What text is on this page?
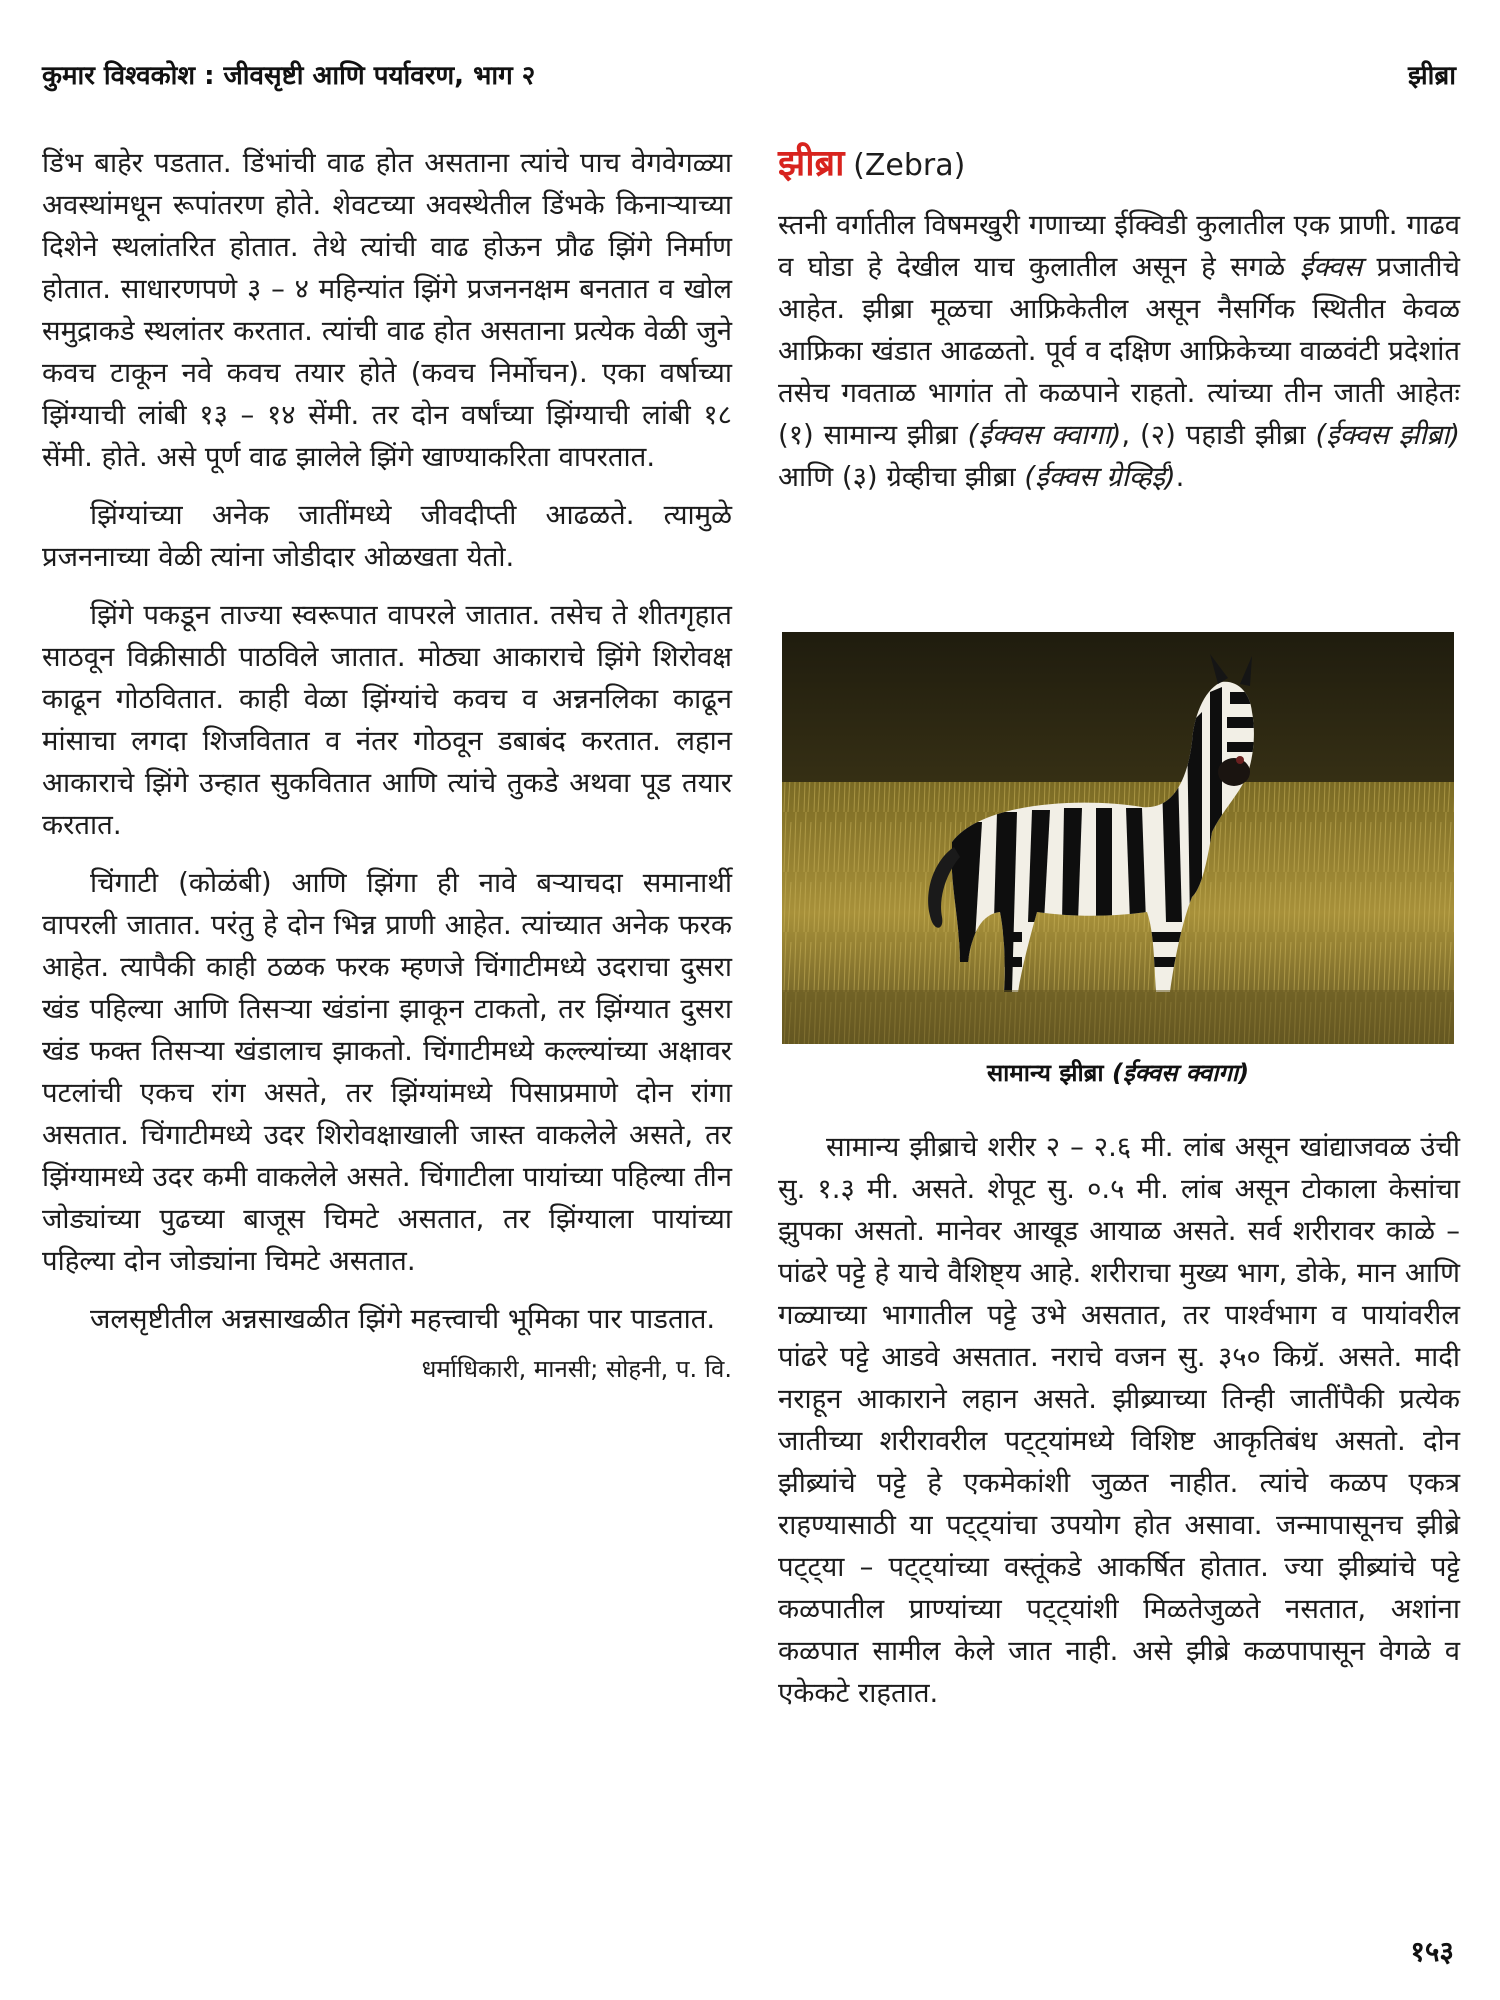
कुमार विश्वकोश : जीवसृष्टी आणि पर्यावरण, भाग २	झीब्रा

डिंभ बाहेर पडतात. डिंभांची वाढ होत असताना त्यांचे पाच वेगवेगळ्या अवस्थांमधून रूपांतरण होते. शेवटच्या अवस्थेतील डिंभके किनाऱ्याच्या दिशेने स्थलांतरित होतात. तेथे त्यांची वाढ होऊन प्रौढ झिंगे निर्माण होतात. साधारणपणे ३ – ४ महिन्यांत झिंगे प्रजननक्षम बनतात व खोल समुद्राकडे स्थलांतर करतात. त्यांची वाढ होत असताना प्रत्येक वेळी जुने कवच टाकून नवे कवच तयार होते (कवच निर्मोचन). एका वर्षाच्या झिंग्याची लांबी १३ – १४ सेंमी. तर दोन वर्षांच्या झिंग्याची लांबी १८ सेंमी. होते. असे पूर्ण वाढ झालेले झिंगे खाण्याकरिता वापरतात.

झिंग्यांच्या अनेक जातींमध्ये जीवदीप्ती आढळते. त्यामुळे प्रजननाच्या वेळी त्यांना जोडीदार ओळखता येतो.

झिंगे पकडून ताज्या स्वरूपात वापरले जातात. तसेच ते शीतगृहात साठवून विक्रीसाठी पाठविले जातात. मोठ्या आकाराचे झिंगे शिरोवक्ष काढून गोठवितात. काही वेळा झिंग्यांचे कवच व अन्ननलिका काढून मांसाचा लगदा शिजवितात व नंतर गोठवून डबाबंद करतात. लहान आकाराचे झिंगे उन्हात सुकवितात आणि त्यांचे तुकडे अथवा पूड तयार करतात.

चिंगाटी (कोळंबी) आणि झिंगा ही नावे बऱ्याचदा समानार्थी वापरली जातात. परंतु हे दोन भिन्न प्राणी आहेत. त्यांच्यात अनेक फरक आहेत. त्यापैकी काही ठळक फरक म्हणजे चिंगाटीमध्ये उदराचा दुसरा खंड पहिल्या आणि तिसऱ्या खंडांना झाकून टाकतो, तर झिंग्यात दुसरा खंड फक्त तिसऱ्या खंडालाच झाकतो. चिंगाटीमध्ये कल्ल्यांच्या अक्षावर पटलांची एकच रांग असते, तर झिंग्यांमध्ये पिसाप्रमाणे दोन रांगा असतात. चिंगाटीमध्ये उदर शिरोवक्षाखाली जास्त वाकलेले असते, तर झिंग्यामध्ये उदर कमी वाकलेले असते. चिंगाटीला पायांच्या पहिल्या तीन जोड्यांच्या पुढच्या बाजूस चिमटे असतात, तर झिंग्याला पायांच्या पहिल्या दोन जोड्यांना चिमटे असतात.

जलसृष्टीतील अन्नसाखळीत झिंगे महत्त्वाची भूमिका पार पाडतात.

धर्माधिकारी, मानसी; सोहनी, प. वि.

झीब्रा (Zebra)

स्तनी वर्गातील विषमखुरी गणाच्या ईक्विडी कुलातील एक प्राणी. गाढव व घोडा हे देखील याच कुलातील असून हे सगळे ईक्वस प्रजातीचे आहेत. झीब्रा मूळचा आफ्रिकेतील असून नैसर्गिक स्थितीत केवळ आफ्रिका खंडात आढळतो. पूर्व व दक्षिण आफ्रिकेच्या वाळवंटी प्रदेशांत तसेच गवताळ भागांत तो कळपाने राहतो. त्यांच्या तीन जाती आहेतः (१) सामान्य झीब्रा (ईक्वस क्वागा), (२) पहाडी झीब्रा (ईक्वस झीब्रा) आणि (३) ग्रेव्हीचा झीब्रा (ईक्वस ग्रेव्हिई).

सामान्य झीब्रा (ईक्वस क्वागा)

सामान्य झीब्राचे शरीर २ – २.६ मी. लांब असून खांद्याजवळ उंची सु. १.३ मी. असते. शेपूट सु. ०.५ मी. लांब असून टोकाला केसांचा झुपका असतो. मानेवर आखूड आयाळ असते. सर्व शरीरावर काळे – पांढरे पट्टे हे याचे वैशिष्ट्य आहे. शरीराचा मुख्य भाग, डोके, मान आणि गळ्याच्या भागातील पट्टे उभे असतात, तर पार्श्वभाग व पायांवरील पांढरे पट्टे आडवे असतात. नराचे वजन सु. ३५० किग्रॅ. असते. मादी नराहून आकाराने लहान असते. झीब्र्याच्या तिन्ही जातींपैकी प्रत्येक जातीच्या शरीरावरील पट्ट्यांमध्ये विशिष्ट आकृतिबंध असतो. दोन झीब्र्यांचे पट्टे हे एकमेकांशी जुळत नाहीत. त्यांचे कळप एकत्र राहण्यासाठी या पट्ट्यांचा उपयोग होत असावा. जन्मापासूनच झीब्रे पट्ट्या – पट्ट्यांच्या वस्तूंकडे आकर्षित होतात. ज्या झीब्र्यांचे पट्टे कळपातील प्राण्यांच्या पट्ट्यांशी मिळतेजुळते नसतात, अशांना कळपात सामील केले जात नाही. असे झीब्रे कळपापासून वेगळे व एकेकटे राहतात.

१५३
